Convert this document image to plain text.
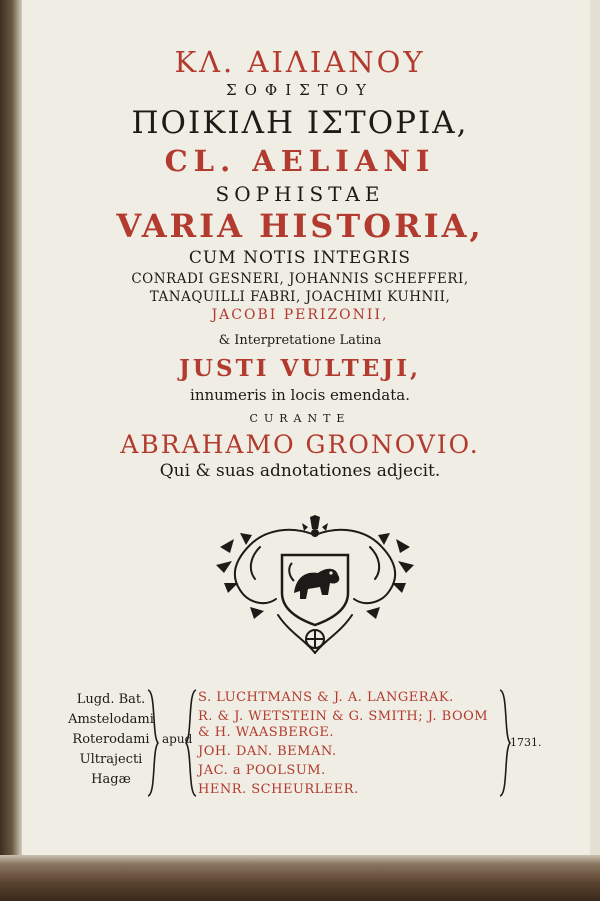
ΚΛ. ΑΙΛΙΑΝΟΥ
ΣΟΦΙΣΤΟΥ
ΠΟΙΚΙΛΗ ΙΣΤΟΡΙΑ,
CL. AELIANI
SOPHISTAE
VARIA HISTORIA,
CUM NOTIS INTEGRIS
CONRADI GESNERI, JOHANNIS SCHEFFERI,
TANAQUILLI FABRI, JOACHIMI KUHNII,
JACOBI PERIZONII,
& Interpretatione Latina
JUSTI VULTEJI,
innumeris in locis emendata.
CURANTE
ABRAHAMO GRONOVIO.
Qui & suas adnotationes adjecit.
Lugd. Bat.
Amstelodami
Roterodami
Ultrajecti
Hagæ
apud
S. LUCHTMANS & J. A. LANGERAK.
R. & J. WETSTEIN & G. SMITH; J. BOOM
& H. WAASBERGE.
JOH. DAN. BEMAN.
JAC. a POOLSUM.
HENR. SCHEURLEER.
1731.
